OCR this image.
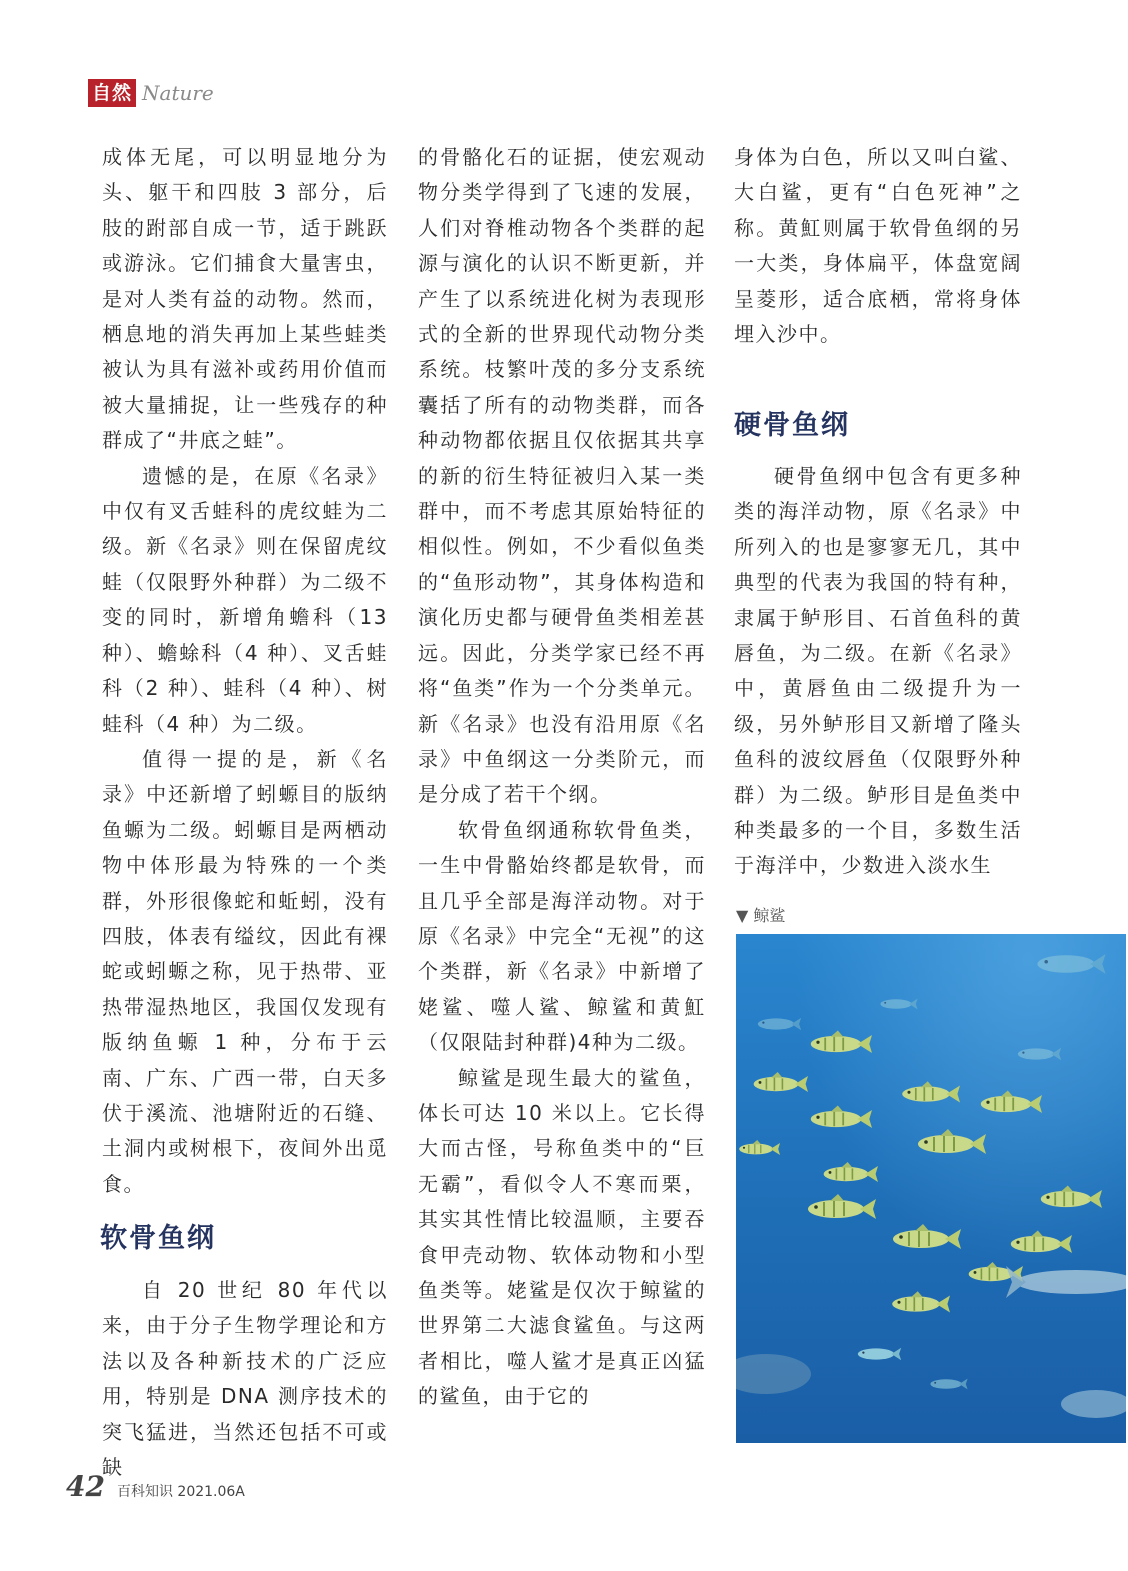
自然 Nature

成体无尾，可以明显地分为头、躯干和四肢 3 部分，后肢的跗部自成一节，适于跳跃或游泳。它们捕食大量害虫，是对人类有益的动物。然而，栖息地的消失再加上某些蛙类被认为具有滋补或药用价值而被大量捕捉，让一些残存的种群成了“井底之蛙”。

遗憾的是，在原《名录》中仅有叉舌蛙科的虎纹蛙为二级。新《名录》则在保留虎纹蛙（仅限野外种群）为二级不变的同时，新增角蟾科（13 种）、蟾蜍科（4 种）、叉舌蛙科（2 种）、蛙科（4 种）、树蛙科（4 种）为二级。

值得一提的是，新《名录》中还新增了蚓螈目的版纳鱼螈为二级。蚓螈目是两栖动物中体形最为特殊的一个类群，外形很像蛇和蚯蚓，没有四肢，体表有缢纹，因此有裸蛇或蚓螈之称，见于热带、亚热带湿热地区，我国仅发现有版纳鱼螈 1 种，分布于云南、广东、广西一带，白天多伏于溪流、池塘附近的石缝、土洞内或树根下，夜间外出觅食。

软骨鱼纲

自 20 世纪 80 年代以来，由于分子生物学理论和方法以及各种新技术的广泛应用，特别是 DNA 测序技术的突飞猛进，当然还包括不可或缺

的骨骼化石的证据，使宏观动物分类学得到了飞速的发展，人们对脊椎动物各个类群的起源与演化的认识不断更新，并产生了以系统进化树为表现形式的全新的世界现代动物分类系统。枝繁叶茂的多分支系统囊括了所有的动物类群，而各种动物都依据且仅依据其共享的新的衍生特征被归入某一类群中，而不考虑其原始特征的相似性。例如，不少看似鱼类的“鱼形动物”，其身体构造和演化历史都与硬骨鱼类相差甚远。因此，分类学家已经不再将“鱼类”作为一个分类单元。新《名录》也没有沿用原《名录》中鱼纲这一分类阶元，而是分成了若干个纲。

软骨鱼纲通称软骨鱼类，一生中骨骼始终都是软骨，而且几乎全部是海洋动物。对于原《名录》中完全“无视”的这个类群，新《名录》中新增了姥鲨、噬人鲨、鲸鲨和黄魟（仅限陆封种群)4种为二级。

鲸鲨是现生最大的鲨鱼，体长可达 10 米以上。它长得大而古怪，号称鱼类中的“巨无霸”，看似令人不寒而栗，其实其性情比较温顺，主要吞食甲壳动物、软体动物和小型鱼类等。姥鲨是仅次于鲸鲨的世界第二大滤食鲨鱼。与这两者相比，噬人鲨才是真正凶猛的鲨鱼，由于它的

身体为白色，所以又叫白鲨、大白鲨，更有“白色死神”之称。黄魟则属于软骨鱼纲的另一大类，身体扁平，体盘宽阔呈菱形，适合底栖，常将身体埋入沙中。

硬骨鱼纲

硬骨鱼纲中包含有更多种类的海洋动物，原《名录》中所列入的也是寥寥无几，其中典型的代表为我国的特有种，隶属于鲈形目、石首鱼科的黄唇鱼，为二级。在新《名录》中，黄唇鱼由二级提升为一级，另外鲈形目又新增了隆头鱼科的波纹唇鱼（仅限野外种群）为二级。鲈形目是鱼类中种类最多的一个目，多数生活于海洋中，少数进入淡水生

▼ 鲸鲨
42 百科知识 2021.06A
